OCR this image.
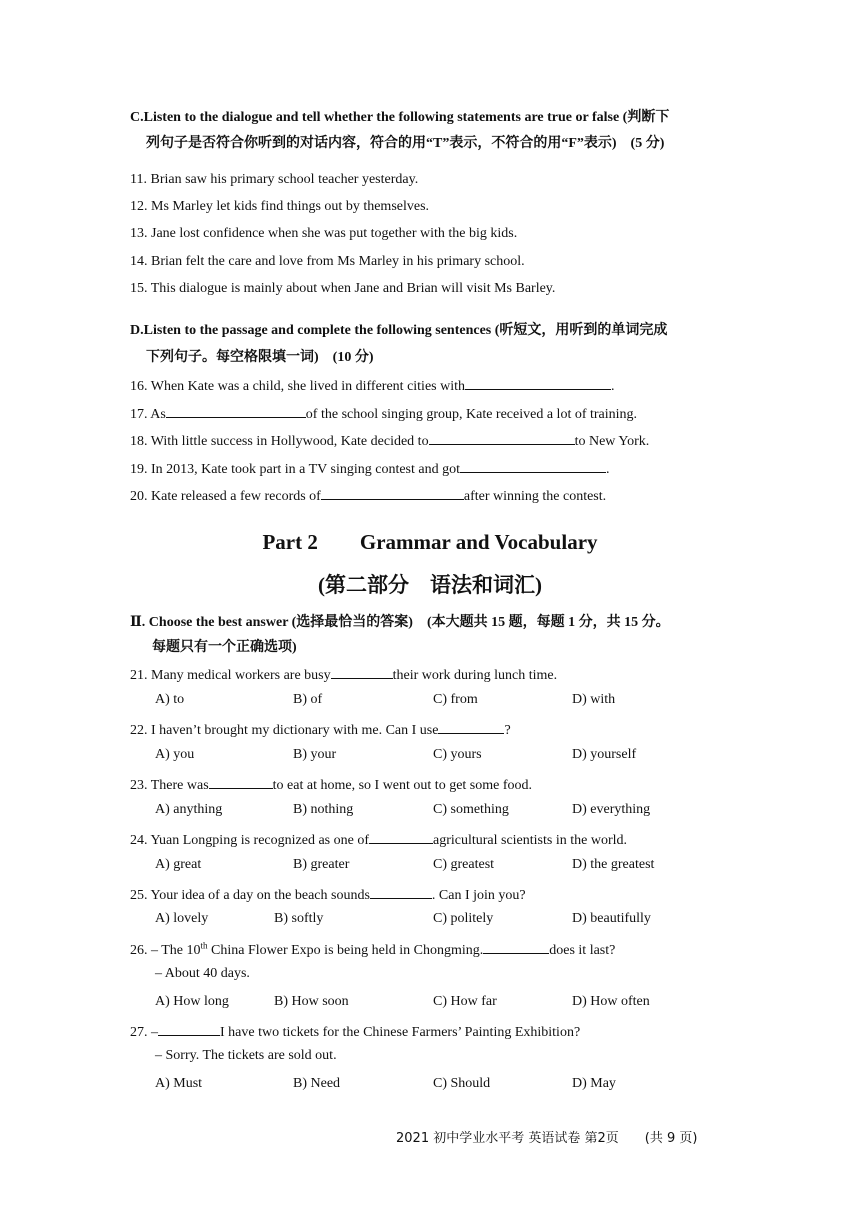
C.Listen to the dialogue and tell whether the following statements are true or false (判断下
列句子是否符合你听到的对话内容，符合的用“T”表示，不符合的用“F”表示)　(5 分)
11. Brian saw his primary school teacher yesterday.
12. Ms Marley let kids find things out by themselves.
13. Jane lost confidence when she was put together with the big kids.
14. Brian felt the care and love from Ms Marley in his primary school.
15. This dialogue is mainly about when Jane and Brian will visit Ms Barley.
D.Listen to the passage and complete the following sentences (听短文，用听到的单词完成
下列句子。每空格限填一词)　(10 分)
16. When Kate was a child, she lived in different cities with	.
17. As	of the school singing group, Kate received a lot of training.
18. With little success in Hollywood, Kate decided to	to New York.
19. In 2013, Kate took part in a TV singing contest and got	.
20. Kate released a few records of	after winning the contest.
Part 2　　Grammar and Vocabulary
(第二部分　语法和词汇)
Ⅱ. Choose the best answer (选择最恰当的答案)　(本大题共 15 题，每题 1 分，共 15 分。
每题只有一个正确选项)
21. Many medical workers are busy	their work during lunch time.
A) to	B) of	C) from	D) with
22. I haven’t brought my dictionary with me. Can I use	?
A) you	B) your	C) yours	D) yourself
23. There was	to eat at home, so I went out to get some food.
A) anything	B) nothing	C) something	D) everything
24. Yuan Longping is recognized as one of	agricultural scientists in the world.
A) great	B) greater	C) greatest	D) the greatest
25. Your idea of a day on the beach sounds	. Can I join you?
A) lovely	B) softly	C) politely	D) beautifully
26. – The 10th China Flower Expo is being held in Chongming.	does it last?
– About 40 days.
A) How long	B) How soon	C) How far	D) How often
27. –	I have two tickets for the Chinese Farmers’ Painting Exhibition?
– Sorry. The tickets are sold out.
A) Must	B) Need	C) Should	D) May
2021 初中学业水平考 英语试卷 第2页　　(共 9 页)
